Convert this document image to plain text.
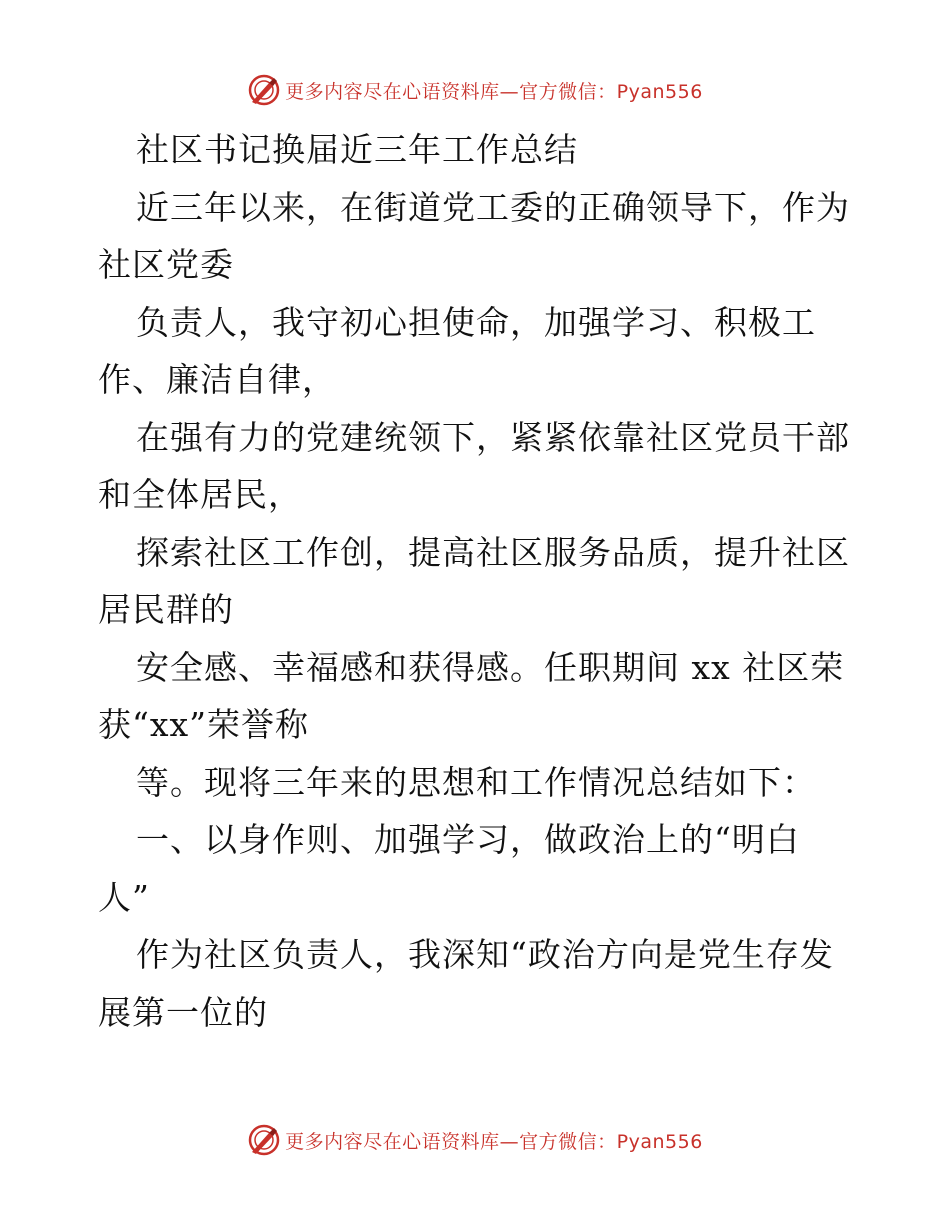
更多内容尽在心语资料库—官方微信：Pyan556
社区书记换届近三年工作总结
近三年以来，在街道党工委的正确领导下，作为
社区党委
负责人，我守初心担使命，加强学习、积极工
作、廉洁自律，
在强有力的党建统领下，紧紧依靠社区党员干部
和全体居民，
探索社区工作创，提高社区服务品质，提升社区
居民群的
安全感、幸福感和获得感。任职期间 xx 社区荣
获“xx”荣誉称
等。现将三年来的思想和工作情况总结如下：
一、以身作则、加强学习，做政治上的“明白
人”
作为社区负责人，我深知“政治方向是党生存发
展第一位的
更多内容尽在心语资料库—官方微信：Pyan556
